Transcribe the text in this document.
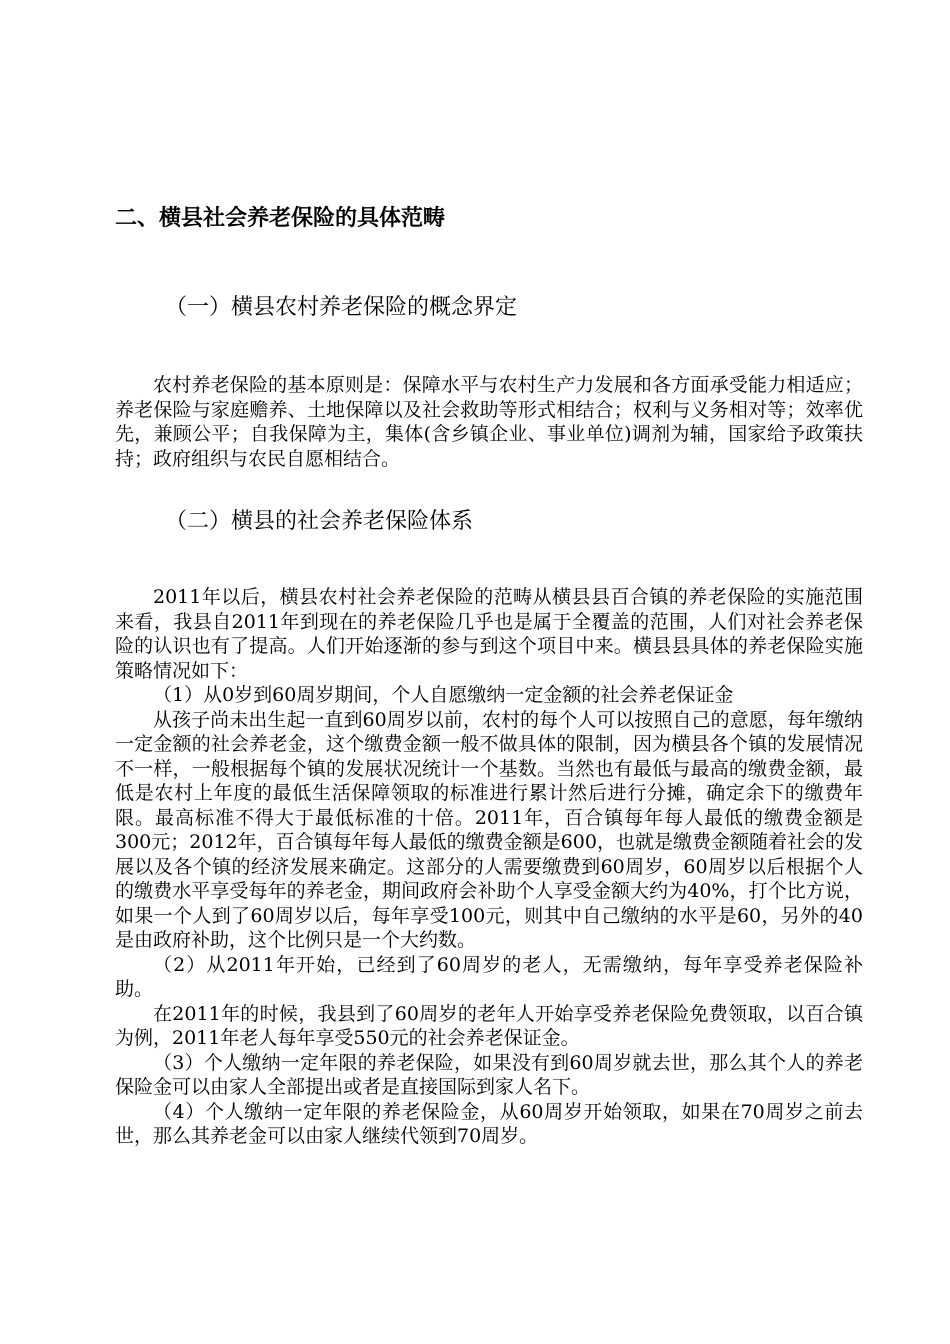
二、横县社会养老保险的具体范畴
（一）横县农村养老保险的概念界定

农村养老保险的基本原则是：保障水平与农村生产力发展和各方面承受能力相适应；养老保险与家庭赡养、土地保障以及社会救助等形式相结合；权利与义务相对等；效率优先，兼顾公平；自我保障为主，集体(含乡镇企业、事业单位)调剂为辅，国家给予政策扶持；政府组织与农民自愿相结合。

（二）横县的社会养老保险体系

2011年以后，横县农村社会养老保险的范畴从横县县百合镇的养老保险的实施范围来看，我县自2011年到现在的养老保险几乎也是属于全覆盖的范围，人们对社会养老保险的认识也有了提高。人们开始逐渐的参与到这个项目中来。横县县具体的养老保险实施策略情况如下：

（1）从0岁到60周岁期间，个人自愿缴纳一定金额的社会养老保证金

从孩子尚未出生起一直到60周岁以前，农村的每个人可以按照自己的意愿，每年缴纳一定金额的社会养老金，这个缴费金额一般不做具体的限制，因为横县各个镇的发展情况不一样，一般根据每个镇的发展状况统计一个基数。当然也有最低与最高的缴费金额，最低是农村上年度的最低生活保障领取的标准进行累计然后进行分摊，确定余下的缴费年限。最高标准不得大于最低标准的十倍。2011年，百合镇每年每人最低的缴费金额是300元；2012年，百合镇每年每人最低的缴费金额是600，也就是缴费金额随着社会的发展以及各个镇的经济发展来确定。这部分的人需要缴费到60周岁，60周岁以后根据个人的缴费水平享受每年的养老金，期间政府会补助个人享受金额大约为40%，打个比方说，如果一个人到了60周岁以后，每年享受100元，则其中自己缴纳的水平是60，另外的40是由政府补助，这个比例只是一个大约数。

（2）从2011年开始，已经到了60周岁的老人，无需缴纳，每年享受养老保险补助。

在2011年的时候，我县到了60周岁的老年人开始享受养老保险免费领取，以百合镇为例，2011年老人每年享受550元的社会养老保证金。

（3）个人缴纳一定年限的养老保险，如果没有到60周岁就去世，那么其个人的养老保险金可以由家人全部提出或者是直接国际到家人名下。

（4）个人缴纳一定年限的养老保险金，从60周岁开始领取，如果在70周岁之前去世，那么其养老金可以由家人继续代领到70周岁。
